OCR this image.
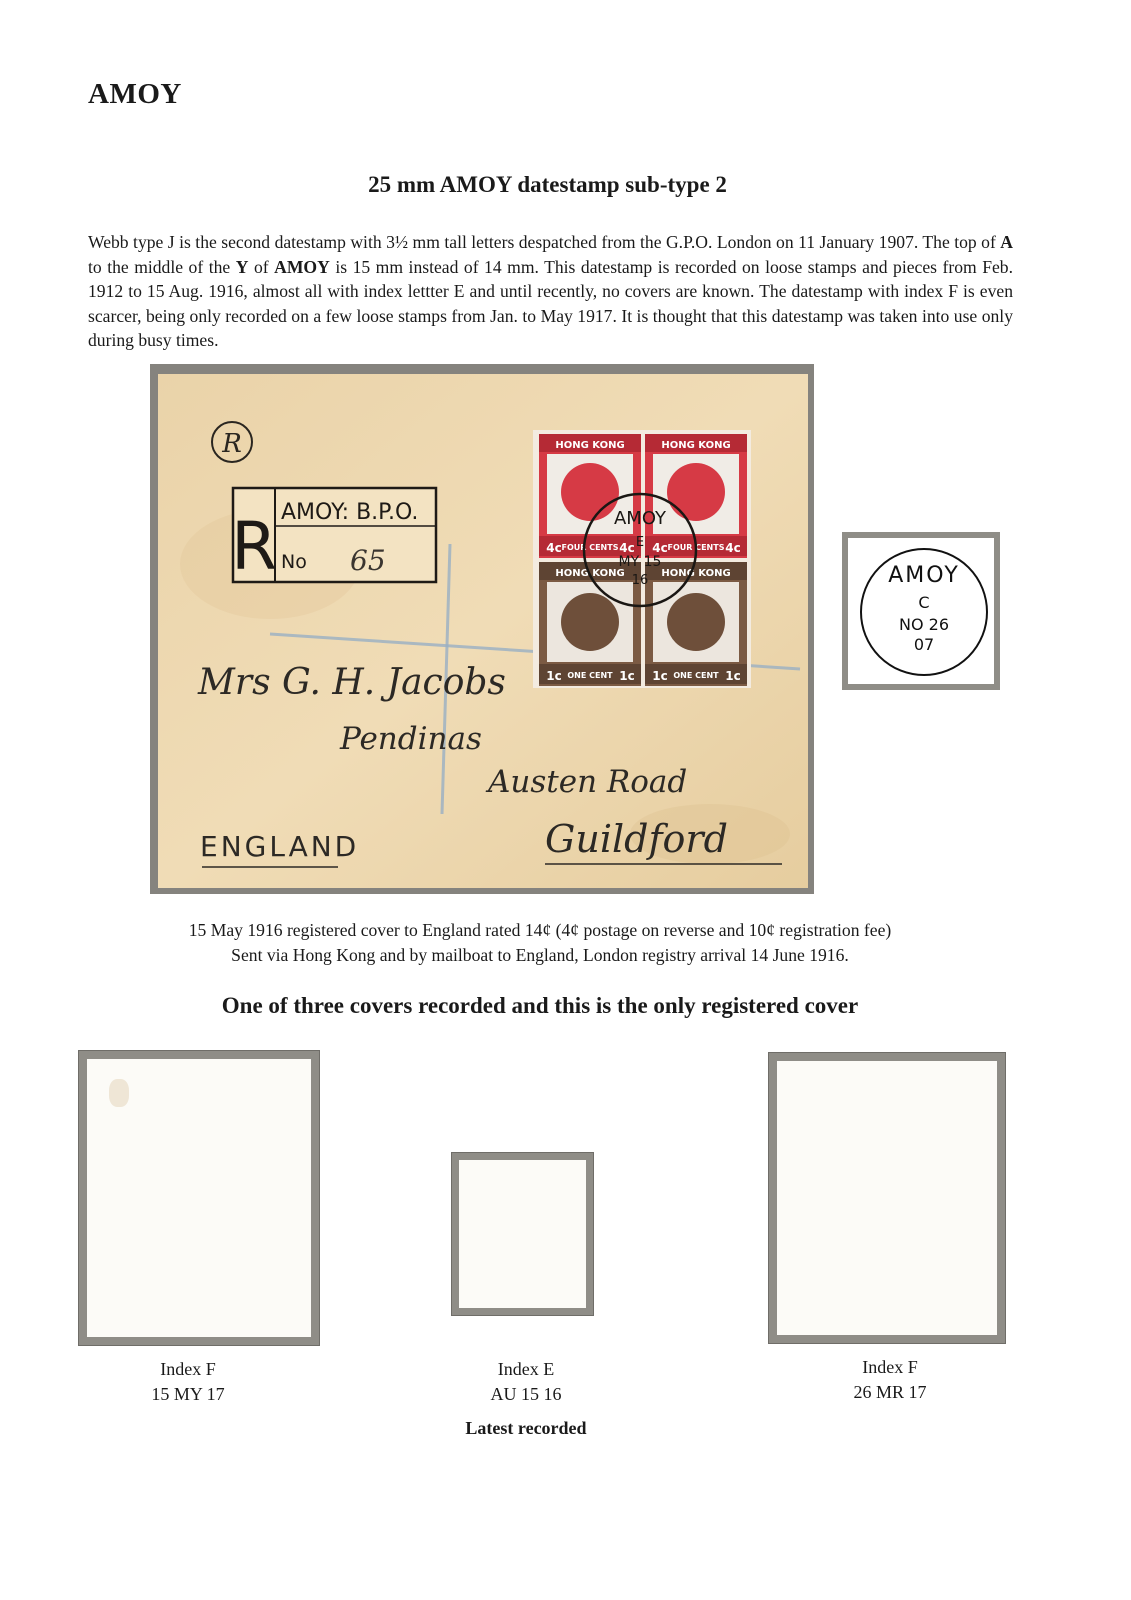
AMOY
25 mm AMOY datestamp sub-type 2

Webb type J is the second datestamp with 3½ mm tall letters despatched from the G.P.O. London on 11 January 1907. The top of A to the middle of the Y of AMOY is 15 mm instead of 14 mm. This datestamp is recorded on loose stamps and pieces from Feb. 1912 to 15 Aug. 1916, almost all with index lettter E and until recently, no covers are known. The datestamp with index F is even scarcer, being only recorded on a few loose stamps from Jan. to May 1917. It is thought that this datestamp was taken into use only during busy times.

R
R AMOY: B.P.O.
No 65
HONG KONG
4c FOUR CENTS 4c
HONG KONG
4c FOUR CENTS 4c
HONG KONG
1c ONE CENT 1c
HONG KONG
1c ONE CENT 1c
AMOY
E
MY 15
16
Mrs G. H. Jacobs
Pendinas
Austen Road
Guildford
ENGLAND
AMOY
C
NO 26
07
15 May 1916 registered cover to England rated 14¢ (4¢ postage on reverse and 10¢ registration fee)
Sent via Hong Kong and by mailboat to England, London registry arrival 14 June 1916.
One of three covers recorded and this is the only registered cover
Index F
15 MY 17
Index E
AU 15 16
Latest recorded
Index F
26 MR 17
